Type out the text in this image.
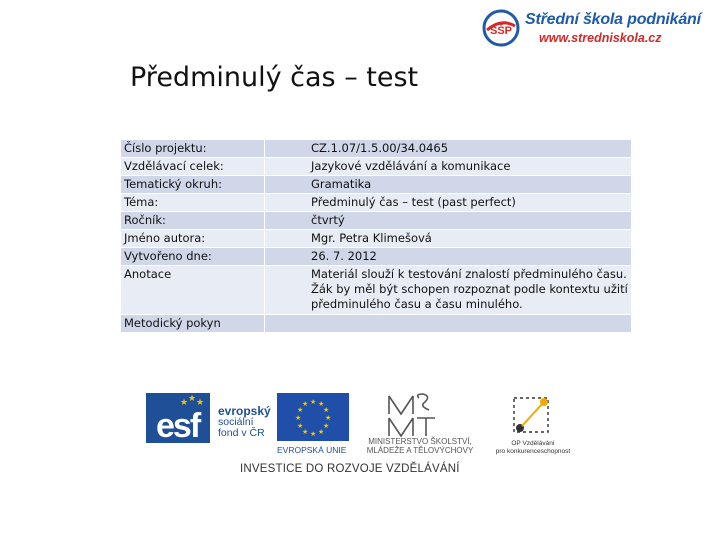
SŠP
Střední škola podnikání
www.stredniskola.cz
Předminulý čas – test
Číslo projektu:	CZ.1.07/1.5.00/34.0465
Vzdělávací celek:	Jazykové vzdělávání a komunikace
Tematický okruh:	Gramatika
Téma:	Předminulý čas – test (past perfect)
Ročník:	čtvrtý
Jméno autora:	Mgr. Petra Klimešová
Vytvořeno dne:	26. 7. 2012
Anotace	Materiál slouží k testování znalostí předminulého času.
Žák by měl být schopen rozpoznat podle kontextu užití
předminulého času a času minulého.

Metodický pokyn	
★ ★ ★
esf evropský
sociální
fond v ČR
★ ★
★
★
★
★
★
★
★
★
★
★
EVROPSKÁ UNIE
MINISTERSTVO ŠKOLSTVÍ,
MLÁDEŽE A TĚLOVÝCHOVY
OP Vzdělávání
pro konkurenceschopnost
INVESTICE DO ROZVOJE VZDĚLÁVÁNÍ
